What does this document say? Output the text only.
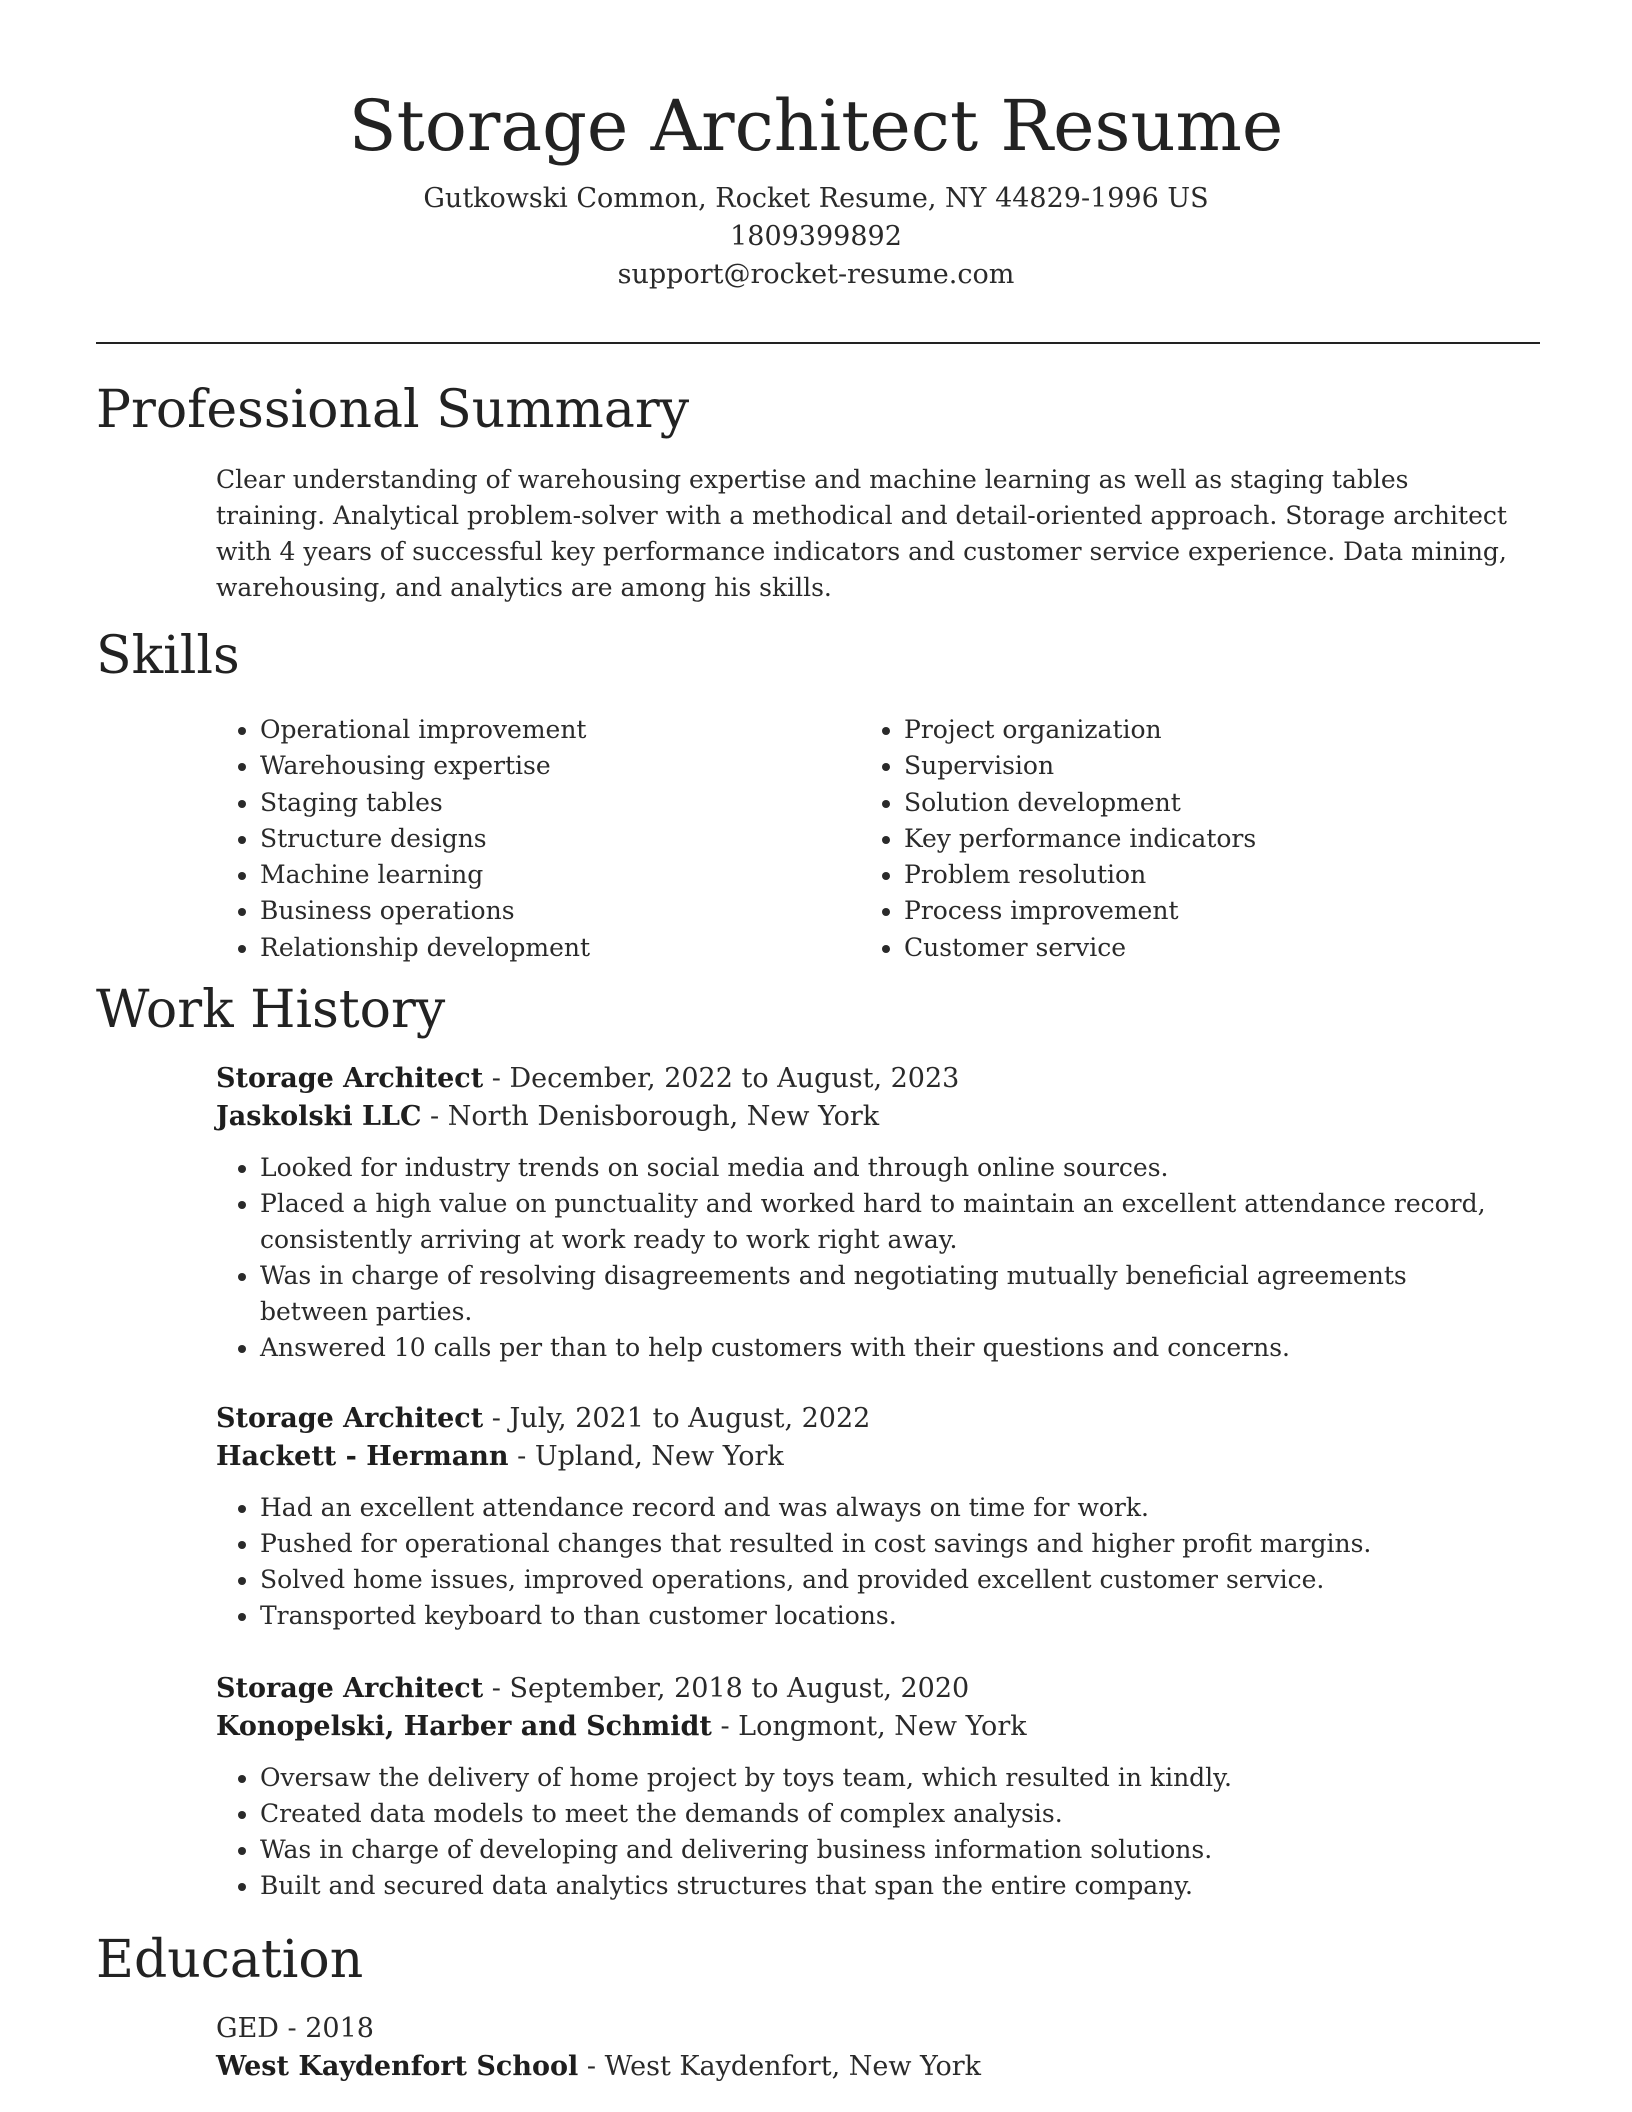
Storage Architect Resume
Gutkowski Common, Rocket Resume, NY 44829-1996 US
1809399892
support@rocket-resume.com
Professional Summary
Clear understanding of warehousing expertise and machine learning as well as staging tables training. Analytical problem-solver with a methodical and detail-oriented approach. Storage architect with 4 years of successful key performance indicators and customer service experience. Data mining, warehousing, and analytics are among his skills.
Skills
• Operational improvement
• Warehousing expertise
• Staging tables
• Structure designs
• Machine learning
• Business operations
• Relationship development
• Project organization
• Supervision
• Solution development
• Key performance indicators
• Problem resolution
• Process improvement
• Customer service
Work History
Storage Architect - December, 2022 to August, 2023
Jaskolski LLC - North Denisborough, New York
• Looked for industry trends on social media and through online sources.
• Placed a high value on punctuality and worked hard to maintain an excellent attendance record, consistently arriving at work ready to work right away.
• Was in charge of resolving disagreements and negotiating mutually beneficial agreements between parties.
• Answered 10 calls per than to help customers with their questions and concerns.
Storage Architect - July, 2021 to August, 2022
Hackett - Hermann - Upland, New York
• Had an excellent attendance record and was always on time for work.
• Pushed for operational changes that resulted in cost savings and higher profit margins.
• Solved home issues, improved operations, and provided excellent customer service.
• Transported keyboard to than customer locations.
Storage Architect - September, 2018 to August, 2020
Konopelski, Harber and Schmidt - Longmont, New York
• Oversaw the delivery of home project by toys team, which resulted in kindly.
• Created data models to meet the demands of complex analysis.
• Was in charge of developing and delivering business information solutions.
• Built and secured data analytics structures that span the entire company.
Education
GED - 2018
West Kaydenfort School - West Kaydenfort, New York
